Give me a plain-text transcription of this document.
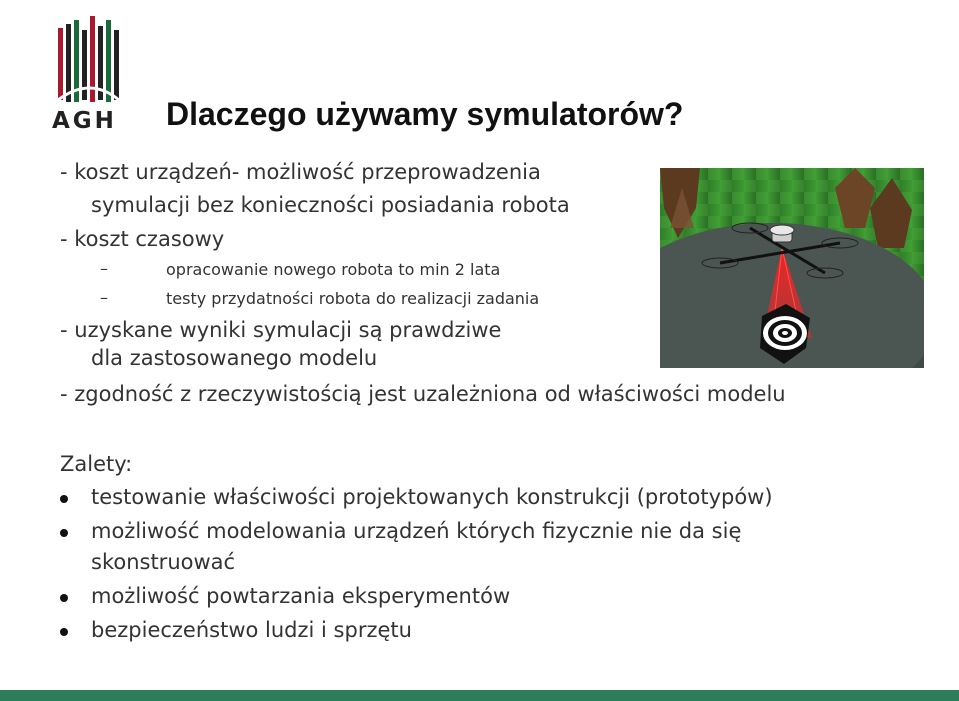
AGH Dlaczego używamy symulatorów?
- koszt urządzeń- możliwość przeprowadzenia
symulacji bez konieczności posiadania robota
- koszt czasowy
–	opracowanie nowego robota to min 2 lata
–	testy przydatności robota do realizacji zadania
- uzyskane wyniki symulacji są prawdziwe
dla zastosowanego modelu
- zgodność z rzeczywistością jest uzależniona od właściwości modelu
Zalety:
testowanie właściwości projektowanych konstrukcji (prototypów)
możliwość modelowania urządzeń których fizycznie nie da się
skonstruować
możliwość powtarzania eksperymentów
bezpieczeństwo ludzi i sprzętu
